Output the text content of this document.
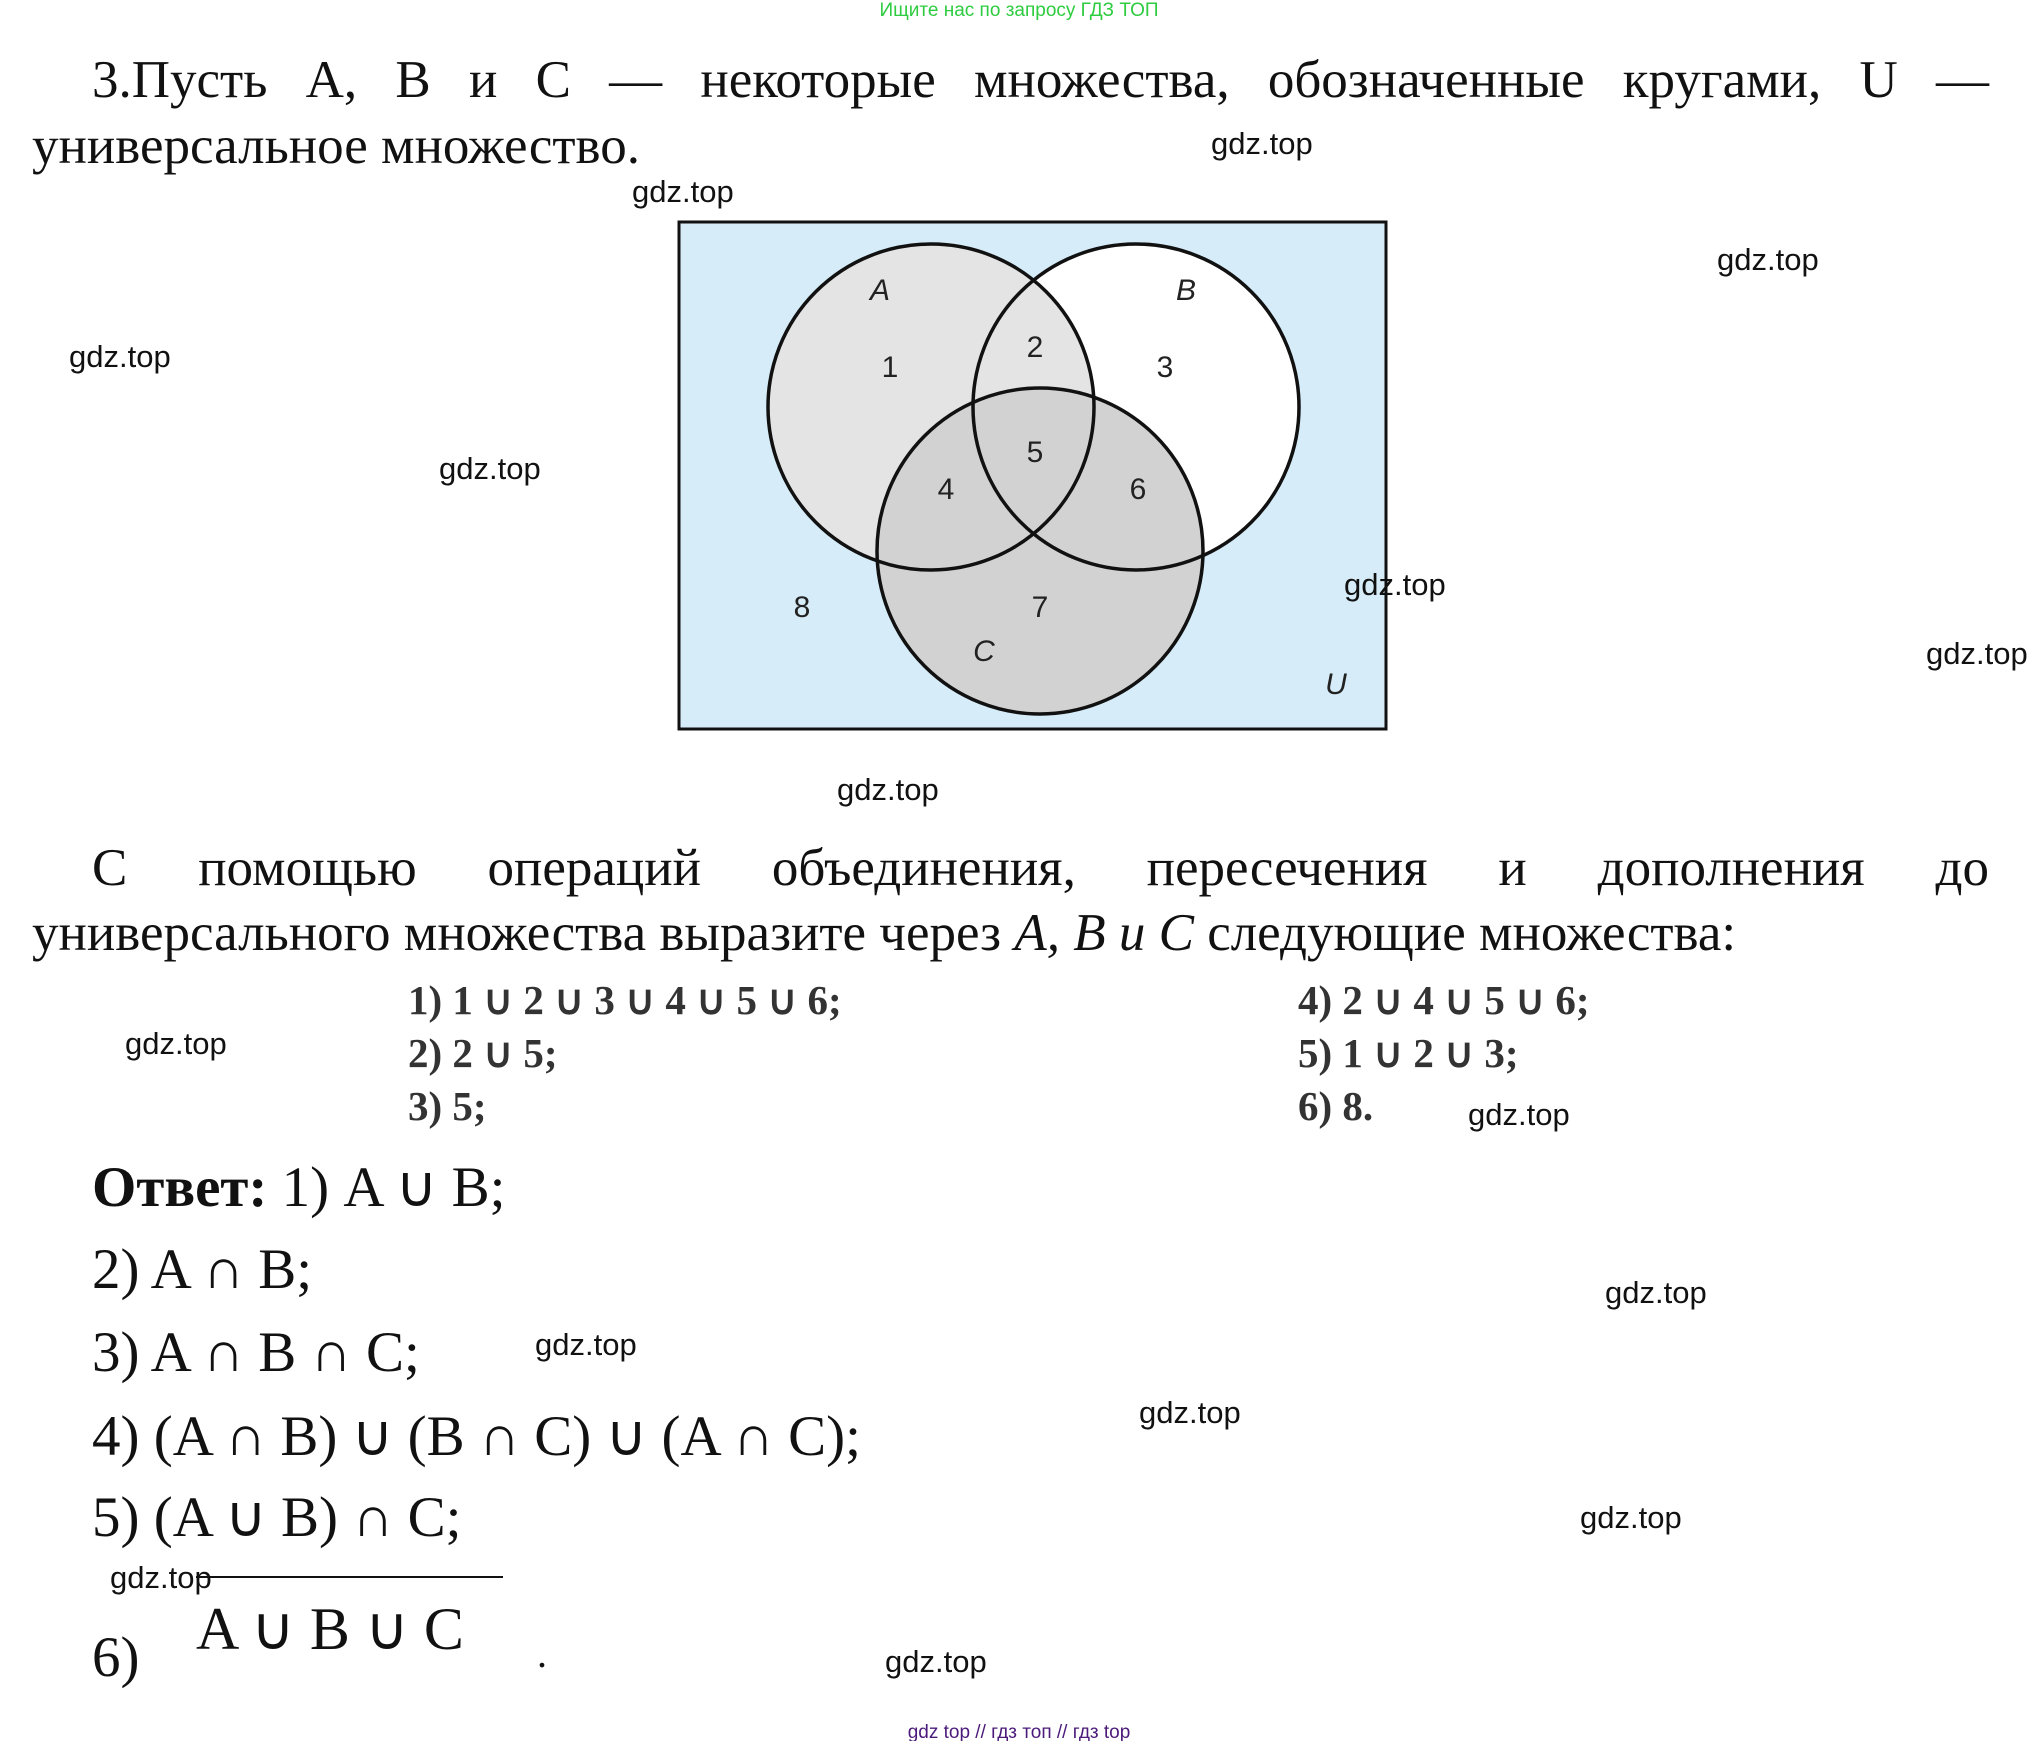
Ищите нас по запросу ГДЗ ТОП
3.Пусть A, B и C — некоторые множества, обозначенные кругами, U —
универсальное множество.
A	B
C
U
1
2
3
4
5
6
7
8
С помощью операций объединения, пересечения и дополнения до
универсального множества выразите через A, B и C следующие множества:
1) 1 ∪ 2 ∪ 3 ∪ 4 ∪ 5 ∪ 6;
2) 2 ∪ 5;
3) 5;
4) 2 ∪ 4 ∪ 5 ∪ 6;
5) 1 ∪ 2 ∪ 3;
6) 8.
Ответ: 1) A ∪ B;
2) A ∩ B;
3) A ∩ B ∩ C;
4) (A ∩ B) ∪ (B ∩ C) ∪ (A ∩ C);
5) (A ∪ B) ∩ C;
6) A ∪ B ∪ C .
gdz.top
gdz.top
gdz.top
gdz.top
gdz.top
gdz.top
gdz.top
gdz.top
gdz.top
gdz.top
gdz.top
gdz.top
gdz.top
gdz.top
gdz.top
gdz.top
gdz top // гдз топ // гдз top
